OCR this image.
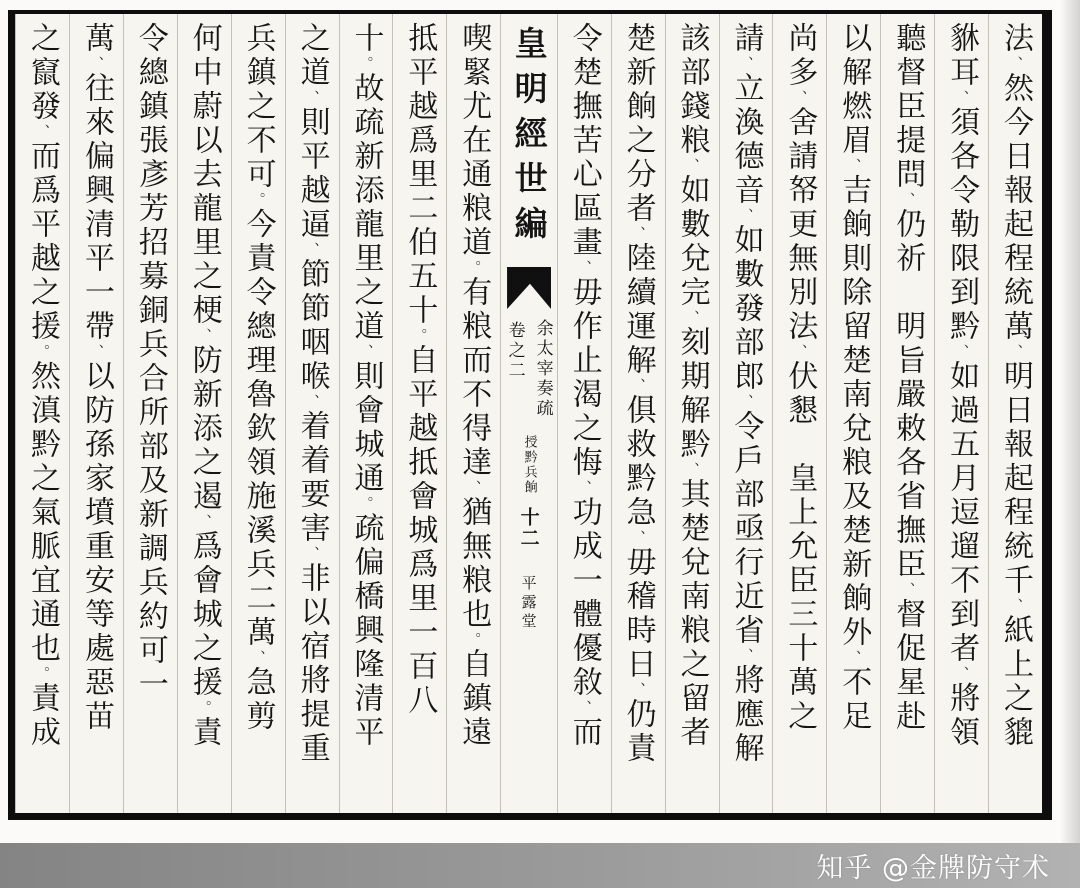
法、然今日報起程統萬、明日報起程統千、紙上之貔
貅耳、須各令勒限到黔、如過五月逗遛不到者、將領
聽督臣提問、仍祈　明旨嚴敕各省撫臣、督促星赴
以解燃眉、吉餉則除留楚南兌粮及楚新餉外、不足
尚多、舍請帑更無別法、伏懇　皇上允臣三十萬之
請、立渙德音、如數發部郎、令戶部亟行近省、將應解
該部錢粮、如數兌完、刻期解黔、其楚兌南粮之留者
楚新餉之分者、陸續運解、俱救黔急、毋稽時日、仍責
令楚撫苦心區畫、毋作止渴之悔、功成一體優敘、而
皇明經世編
余太宰奏疏
卷之二
授黔兵餉
十二
平露堂
喫緊尤在通粮道。有粮而不得達、猶無粮也。自鎮遠
抵平越爲里二伯五十。自平越抵會城爲里一百八
十。故疏新添龍里之道、則會城通。疏偏橋興隆清平
之道、則平越逼、節節咽喉、着着要害、非以宿將提重
兵鎮之不可。今責令總理魯欽領施溪兵二萬、急剪
何中蔚以去龍里之梗、防新添之遏、爲會城之援。責
令總鎮張彥芳招募銅兵合所部及新調兵約可一
萬、往來偏興清平一帶、以防孫家墳重安等處惡苗
之竄發、而爲平越之援。然滇黔之氣脈宜通也。責成
知乎 @金牌防守术
